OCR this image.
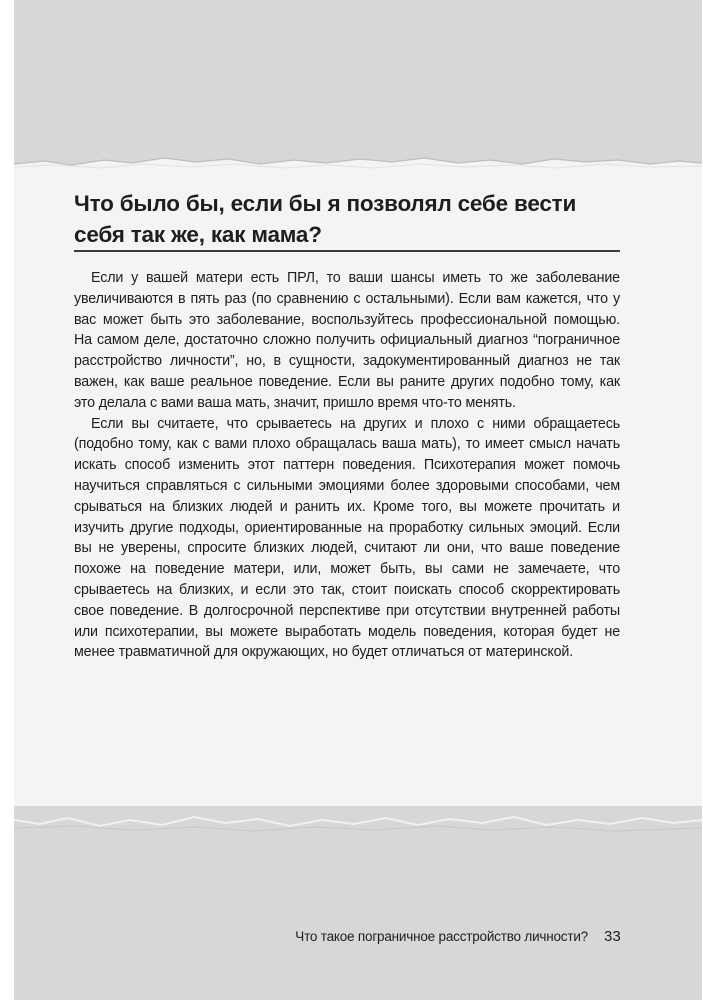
Что было бы, если бы я позволял себе вести себя так же, как мама?

Если у вашей матери есть ПРЛ, то ваши шансы иметь то же заболевание увеличиваются в пять раз (по сравнению с остальными). Если вам кажется, что у вас может быть это заболевание, воспользуйтесь профессиональной помощью. На самом деле, достаточно сложно получить официальный диагноз “пограничное расстройство личности”, но, в сущности, задокументированный диагноз не так важен, как ваше реальное поведение. Если вы раните других подобно тому, как это делала с вами ваша мать, значит, пришло время что-то менять.

Если вы считаете, что срываетесь на других и плохо с ними обращаетесь (подобно тому, как с вами плохо обращалась ваша мать), то имеет смысл начать искать способ изменить этот паттерн поведения. Психотерапия может помочь научиться справляться с сильными эмоциями более здоровыми способами, чем срываться на близких людей и ранить их. Кроме того, вы можете прочитать и изучить другие подходы, ориентированные на проработку сильных эмоций. Если вы не уверены, спросите близких людей, считают ли они, что ваше поведение похоже на поведение матери, или, может быть, вы сами не замечаете, что срываетесь на близких, и если это так, стоит поискать способ скорректировать свое поведение. В долгосрочной перспективе при отсутствии внутренней работы или психотерапии, вы можете выработать модель поведения, которая будет не менее травматичной для окружающих, но будет отличаться от материнской.

Что такое пограничное расстройство личности? 33
